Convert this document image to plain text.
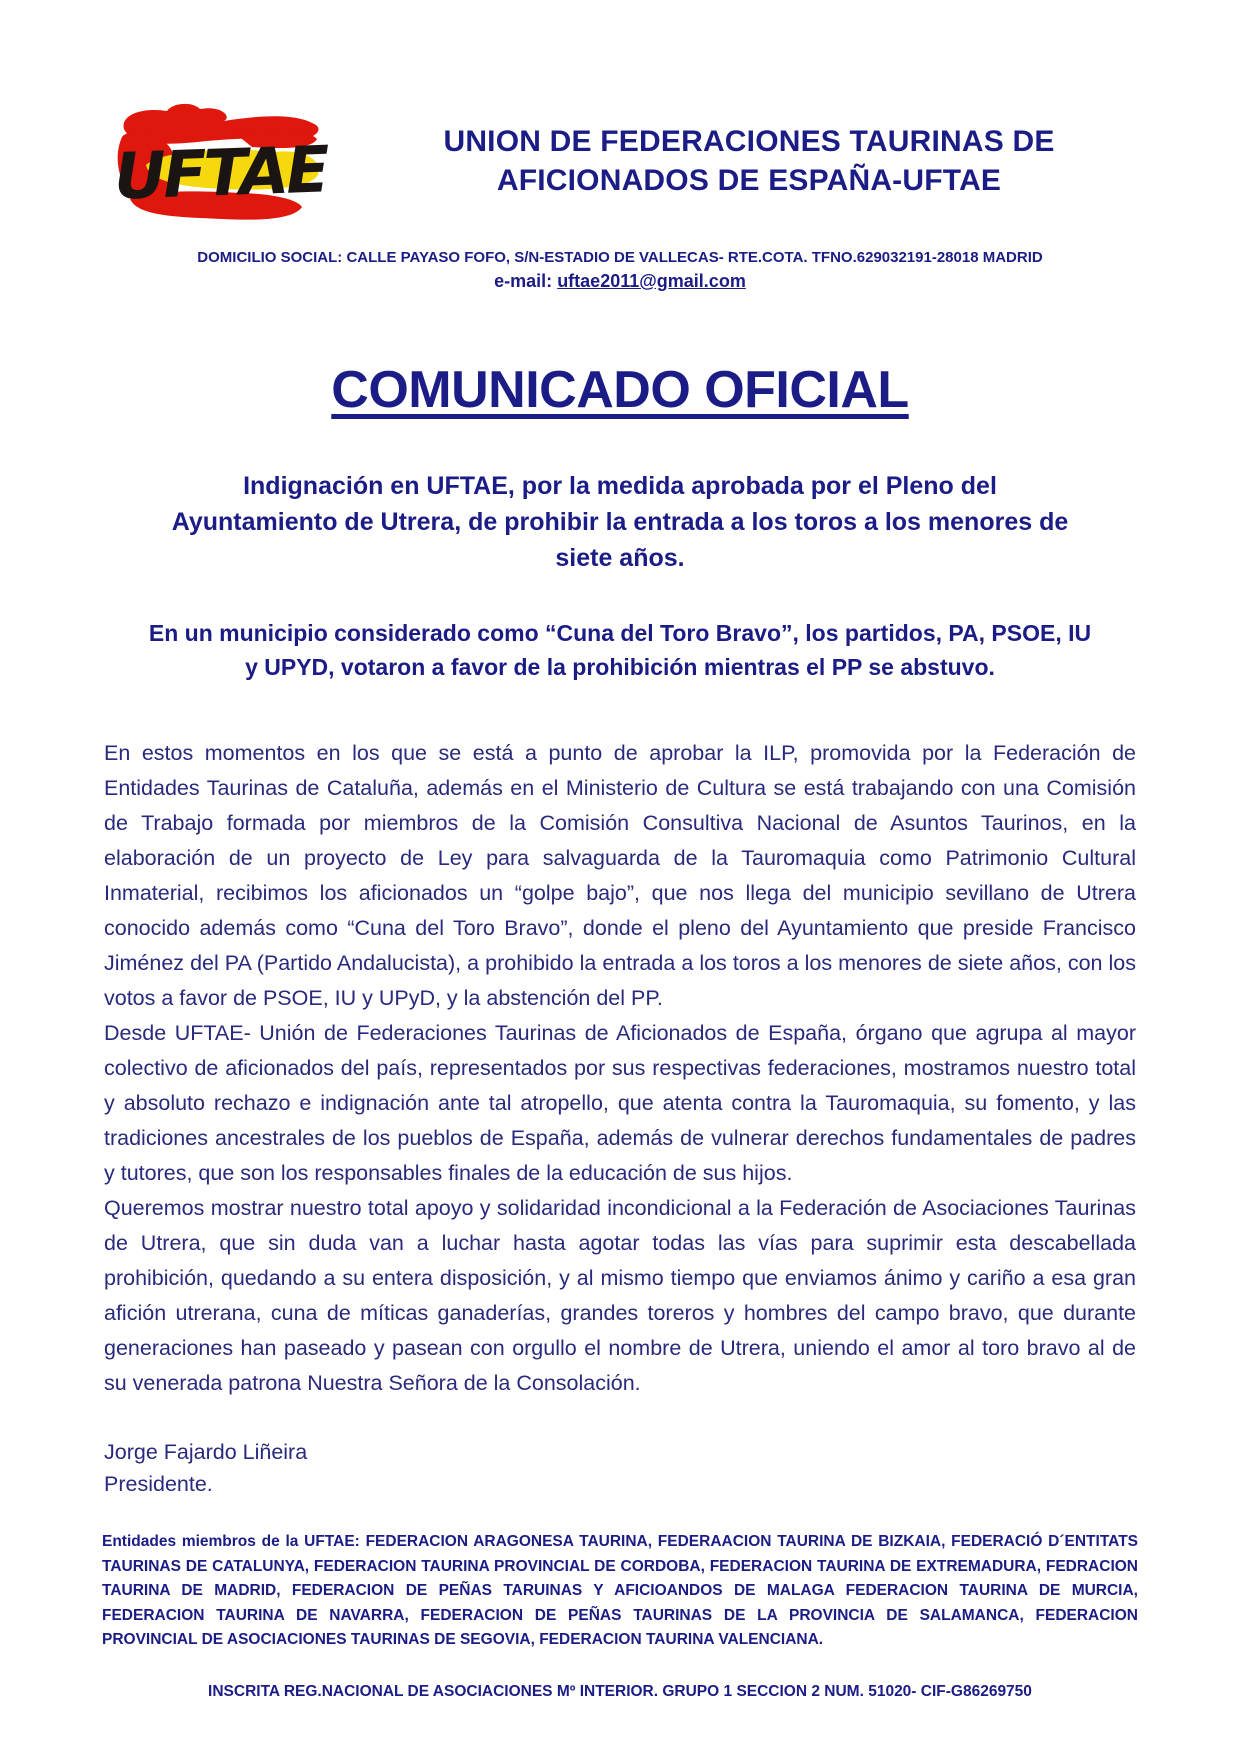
UFTAE	UNION DE FEDERACIONES TAURINAS DE AFICIONADOS DE ESPAÑA-UFTAE
DOMICILIO SOCIAL: CALLE PAYASO FOFO, S/N-ESTADIO DE VALLECAS- RTE.COTA. TFNO.629032191-28018 MADRID
e-mail: uftae2011@gmail.com
COMUNICADO OFICIAL
Indignación en UFTAE, por la medida aprobada por el Pleno del Ayuntamiento de Utrera, de prohibir la entrada a los toros a los menores de siete años.
En un municipio considerado como “Cuna del Toro Bravo”, los partidos, PA, PSOE, IU y UPYD, votaron a favor de la prohibición mientras el PP se abstuvo.

En estos momentos en los que se está a punto de aprobar la ILP, promovida por la Federación de Entidades Taurinas de Cataluña, además en el Ministerio de Cultura se está trabajando con una Comisión de Trabajo formada por miembros de la Comisión Consultiva Nacional de Asuntos Taurinos, en la elaboración de un proyecto de Ley para salvaguarda de la Tauromaquia como Patrimonio Cultural Inmaterial, recibimos los aficionados un “golpe bajo”, que nos llega del municipio sevillano de Utrera conocido además como “Cuna del Toro Bravo”, donde el pleno del Ayuntamiento que preside Francisco Jiménez del PA (Partido Andalucista), a prohibido la entrada a los toros a los menores de siete años, con los votos a favor de PSOE, IU y UPyD, y la abstención del PP.

Desde UFTAE- Unión de Federaciones Taurinas de Aficionados de España, órgano que agrupa al mayor colectivo de aficionados del país, representados por sus respectivas federaciones, mostramos nuestro total y absoluto rechazo e indignación ante tal atropello, que atenta contra la Tauromaquia, su fomento, y las tradiciones ancestrales de los pueblos de España, además de vulnerar derechos fundamentales de padres y tutores, que son los responsables finales de la educación de sus hijos.

Queremos mostrar nuestro total apoyo y solidaridad incondicional a la Federación de Asociaciones Taurinas de Utrera, que sin duda van a luchar hasta agotar todas las vías para suprimir esta descabellada prohibición, quedando a su entera disposición, y al mismo tiempo que enviamos ánimo y cariño a esa gran afición utrerana, cuna de míticas ganaderías, grandes toreros y hombres del campo bravo, que durante generaciones han paseado y pasean con orgullo el nombre de Utrera, uniendo el amor al toro bravo al de su venerada patrona Nuestra Señora de la Consolación.

Jorge Fajardo Liñeira
Presidente.
Entidades miembros de la UFTAE: FEDERACION ARAGONESA TAURINA, FEDERAACION TAURINA DE BIZKAIA, FEDERACIÓ D´ENTITATS TAURINAS DE CATALUNYA, FEDERACION TAURINA PROVINCIAL DE CORDOBA, FEDERACION TAURINA DE EXTREMADURA, FEDRACION TAURINA DE MADRID, FEDERACION DE PEÑAS TARUINAS Y AFICIOANDOS DE MALAGA FEDERACION TAURINA DE MURCIA, FEDERACION TAURINA DE NAVARRA, FEDERACION DE PEÑAS TAURINAS DE LA PROVINCIA DE SALAMANCA, FEDERACION PROVINCIAL DE ASOCIACIONES TAURINAS DE SEGOVIA, FEDERACION TAURINA VALENCIANA.
INSCRITA REG.NACIONAL DE ASOCIACIONES Mº INTERIOR. GRUPO 1 SECCION 2 NUM. 51020- CIF-G86269750
